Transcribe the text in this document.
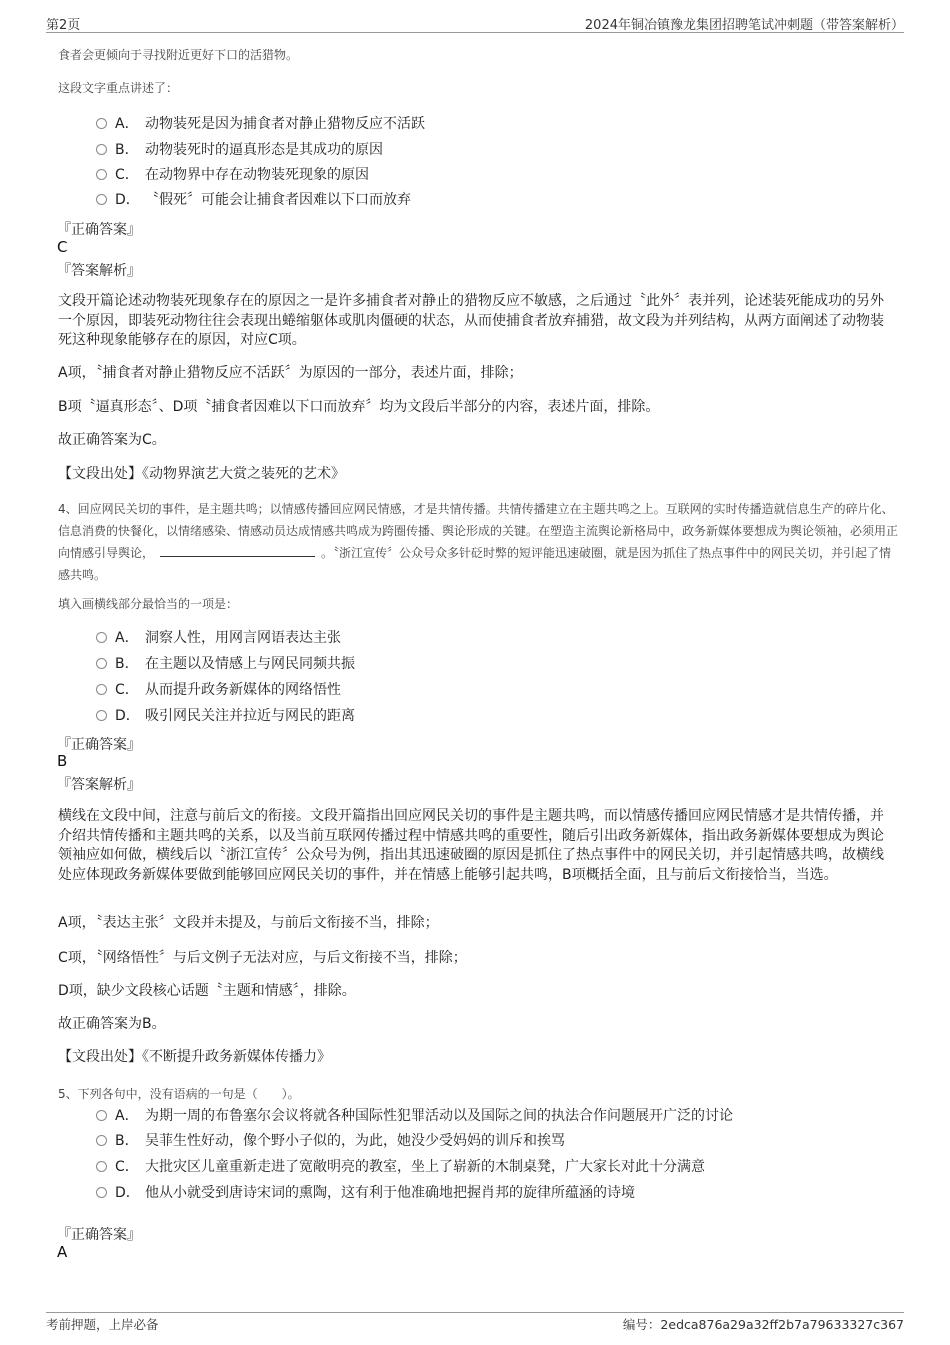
第2页	2024年铜冶镇豫龙集团招聘笔试冲刺题（带答案解析）
食者会更倾向于寻找附近更好下口的活猎物。
这段文字重点讲述了：
A． 动物装死是因为捕食者对静止猎物反应不活跃
B． 动物装死时的逼真形态是其成功的原因
C． 在动物界中存在动物装死现象的原因
D． 〝假死〞可能会让捕食者因难以下口而放弃
『正确答案』
C
『答案解析』
文段开篇论述动物装死现象存在的原因之一是许多捕食者对静止的猎物反应不敏感，之后通过〝此外〞表并列，论述装死能成功的另外一个原因，即装死动物往往会表现出蜷缩躯体或肌肉僵硬的状态，从而使捕食者放弃捕猎，故文段为并列结构，从两方面阐述了动物装死这种现象能够存在的原因，对应C项。
A项，〝捕食者对静止猎物反应不活跃〞为原因的一部分，表述片面，排除；
B项〝逼真形态〞、D项〝捕食者因难以下口而放弃〞均为文段后半部分的内容，表述片面，排除。
故正确答案为C。
【文段出处】《动物界演艺大赏之装死的艺术》
4、回应网民关切的事件，是主题共鸣；以情感传播回应网民情感，才是共情传播。共情传播建立在主题共鸣之上。互联网的实时传播造就信息生产的碎片化、信息消费的快餐化，以情绪感染、情感动员达成情感共鸣成为跨圈传播、舆论形成的关键。在塑造主流舆论新格局中，政务新媒体要想成为舆论领袖，必须用正向情感引导舆论，	。〝浙江宣传〞公众号众多针砭时弊的短评能迅速破圈，就是因为抓住了热点事件中的网民关切，并引起了情感共鸣。
填入画横线部分最恰当的一项是：
A． 洞察人性，用网言网语表达主张
B． 在主题以及情感上与网民同频共振
C． 从而提升政务新媒体的网络悟性
D． 吸引网民关注并拉近与网民的距离
『正确答案』
B
『答案解析』
横线在文段中间，注意与前后文的衔接。文段开篇指出回应网民关切的事件是主题共鸣，而以情感传播回应网民情感才是共情传播，并介绍共情传播和主题共鸣的关系，以及当前互联网传播过程中情感共鸣的重要性，随后引出政务新媒体，指出政务新媒体要想成为舆论领袖应如何做，横线后以〝浙江宣传〞公众号为例，指出其迅速破圈的原因是抓住了热点事件中的网民关切，并引起情感共鸣，故横线处应体现政务新媒体要做到能够回应网民关切的事件，并在情感上能够引起共鸣，B项概括全面，且与前后文衔接恰当，当选。
A项，〝表达主张〞文段并未提及，与前后文衔接不当，排除；
C项，〝网络悟性〞与后文例子无法对应，与后文衔接不当，排除；
D项，缺少文段核心话题〝主题和情感〞，排除。
故正确答案为B。
【文段出处】《不断提升政务新媒体传播力》
5、下列各句中，没有语病的一句是（　　）。
A． 为期一周的布鲁塞尔会议将就各种国际性犯罪活动以及国际之间的执法合作问题展开广泛的讨论
B． 吴菲生性好动，像个野小子似的，为此，她没少受妈妈的训斥和挨骂
C． 大批灾区儿童重新走进了宽敞明亮的教室，坐上了崭新的木制桌凳，广大家长对此十分满意
D． 他从小就受到唐诗宋词的熏陶，这有利于他准确地把握肖邦的旋律所蕴涵的诗境
『正确答案』
A
考前押题，上岸必备	编号：2edca876a29a32ff2b7a79633327c367
